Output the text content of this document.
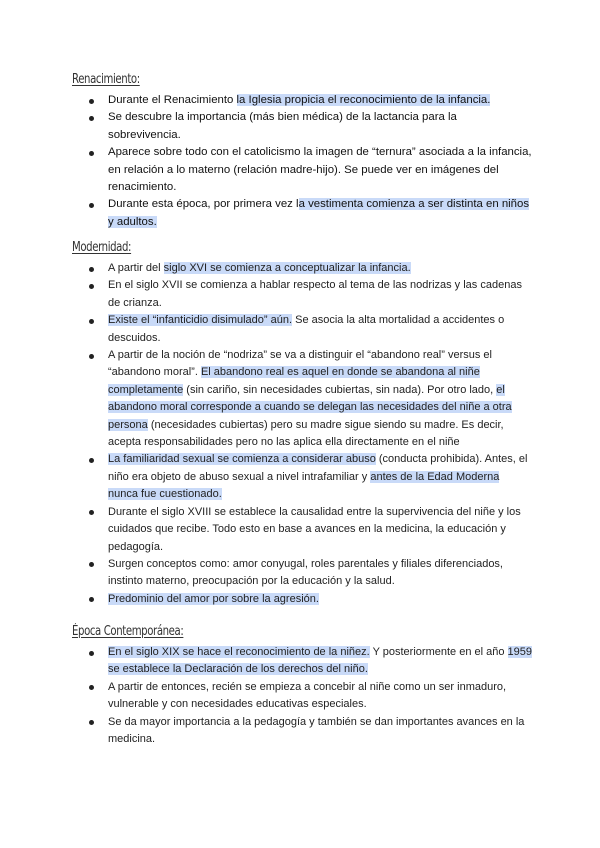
Renacimiento:
Durante el Renacimiento la Iglesia propicia el reconocimiento de la infancia.
Se descubre la importancia (más bien médica) de la lactancia para la sobrevivencia.
Aparece sobre todo con el catolicismo la imagen de “ternura” asociada a la infancia, en relación a lo materno (relación madre-hijo). Se puede ver en imágenes del renacimiento.
Durante esta época, por primera vez la vestimenta comienza a ser distinta en niños y adultos.
Modernidad:
A partir del siglo XVI se comienza a conceptualizar la infancia.
En el siglo XVII se comienza a hablar respecto al tema de las nodrizas y las cadenas de crianza.
Existe el “infanticidio disimulado” aún. Se asocia la alta mortalidad a accidentes o descuidos.
A partir de la noción de “nodriza” se va a distinguir el “abandono real” versus el “abandono moral”. El abandono real es aquel en donde se abandona al niñe completamente (sin cariño, sin necesidades cubiertas, sin nada). Por otro lado, el abandono moral corresponde a cuando se delegan las necesidades del niñe a otra persona (necesidades cubiertas) pero su madre sigue siendo su madre. Es decir, acepta responsabilidades pero no las aplica ella directamente en el niñe
La familiaridad sexual se comienza a considerar abuso (conducta prohibida). Antes, el niño era objeto de abuso sexual a nivel intrafamiliar y antes de la Edad Moderna nunca fue cuestionado.
Durante el siglo XVIII se establece la causalidad entre la supervivencia del niñe y los cuidados que recibe. Todo esto en base a avances en la medicina, la educación y pedagogía.
Surgen conceptos como: amor conyugal, roles parentales y filiales diferenciados, instinto materno, preocupación por la educación y la salud.
Predominio del amor por sobre la agresión.
Época Contemporánea:
En el siglo XIX se hace el reconocimiento de la niñez. Y posteriormente en el año 1959 se establece la Declaración de los derechos del niño.
A partir de entonces, recién se empieza a concebir al niñe como un ser inmaduro, vulnerable y con necesidades educativas especiales.
Se da mayor importancia a la pedagogía y también se dan importantes avances en la medicina.
